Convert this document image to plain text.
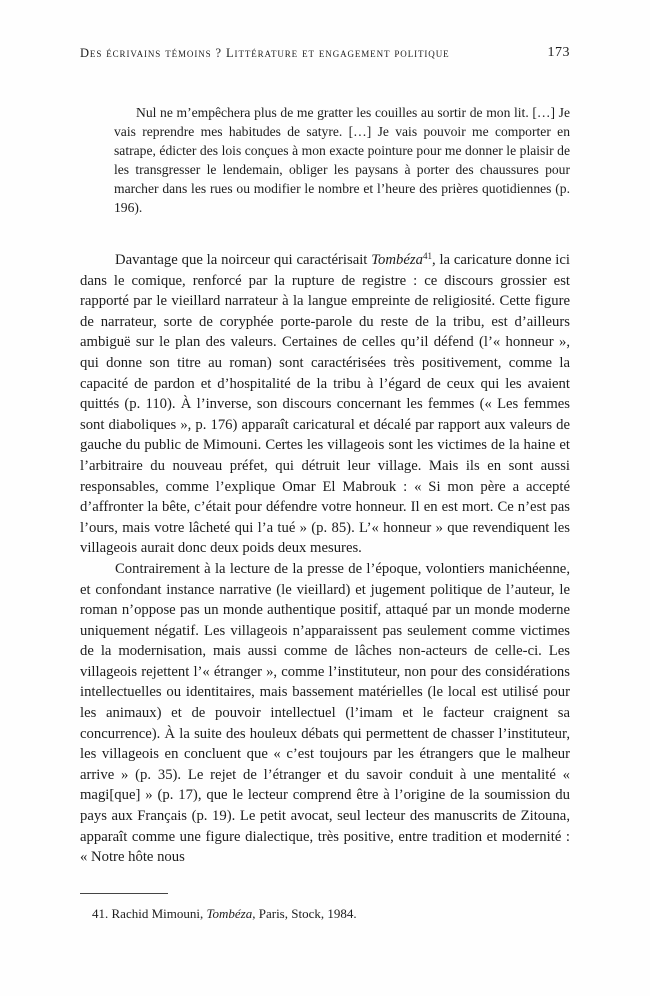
Des écrivains témoins ? Littérature et engagement politique	173

Nul ne m’empêchera plus de me gratter les couilles au sortir de mon lit. […] Je vais reprendre mes habitudes de satyre. […] Je vais pouvoir me comporter en satrape, édicter des lois conçues à mon exacte pointure pour me donner le plaisir de les transgresser le lendemain, obliger les paysans à porter des chaussures pour marcher dans les rues ou modifier le nombre et l’heure des prières quotidiennes (p. 196).

Davantage que la noirceur qui caractérisait Tombéza$^{41}$, la caricature donne ici dans le comique, renforcé par la rupture de registre : ce discours grossier est rapporté par le vieillard narrateur à la langue empreinte de religiosité. Cette figure de narrateur, sorte de coryphée porte-parole du reste de la tribu, est d’ailleurs ambiguë sur le plan des valeurs. Certaines de celles qu’il défend (l’« honneur », qui donne son titre au roman) sont caractérisées très positivement, comme la capacité de pardon et d’hospitalité de la tribu à l’égard de ceux qui les avaient quittés (p. 110). À l’inverse, son discours concernant les femmes (« Les femmes sont diaboliques », p. 176) apparaît caricatural et décalé par rapport aux valeurs de gauche du public de Mimouni. Certes les villageois sont les victimes de la haine et l’arbitraire du nouveau préfet, qui détruit leur village. Mais ils en sont aussi responsables, comme l’explique Omar El Mabrouk : « Si mon père a accepté d’affronter la bête, c’était pour défendre votre honneur. Il en est mort. Ce n’est pas l’ours, mais votre lâcheté qui l’a tué » (p. 85). L’« honneur » que revendiquent les villageois aurait donc deux poids deux mesures.

Contrairement à la lecture de la presse de l’époque, volontiers manichéenne, et confondant instance narrative (le vieillard) et jugement politique de l’auteur, le roman n’oppose pas un monde authentique positif, attaqué par un monde moderne uniquement négatif. Les villageois n’apparaissent pas seulement comme victimes de la modernisation, mais aussi comme de lâches non-acteurs de celle-ci. Les villageois rejettent l’« étranger », comme l’instituteur, non pour des considérations intellectuelles ou identitaires, mais bassement matérielles (le local est utilisé pour les animaux) et de pouvoir intellectuel (l’imam et le facteur craignent sa concurrence). À la suite des houleux débats qui permettent de chasser l’instituteur, les villageois en concluent que « c’est toujours par les étrangers que le malheur arrive » (p. 35). Le rejet de l’étranger et du savoir conduit à une mentalité « magi[que] » (p. 17), que le lecteur comprend être à l’origine de la soumission du pays aux Français (p. 19). Le petit avocat, seul lecteur des manuscrits de Zitouna, apparaît comme une figure dialectique, très positive, entre tradition et modernité : « Notre hôte nous

41. Rachid Mimouni, Tombéza, Paris, Stock, 1984.
